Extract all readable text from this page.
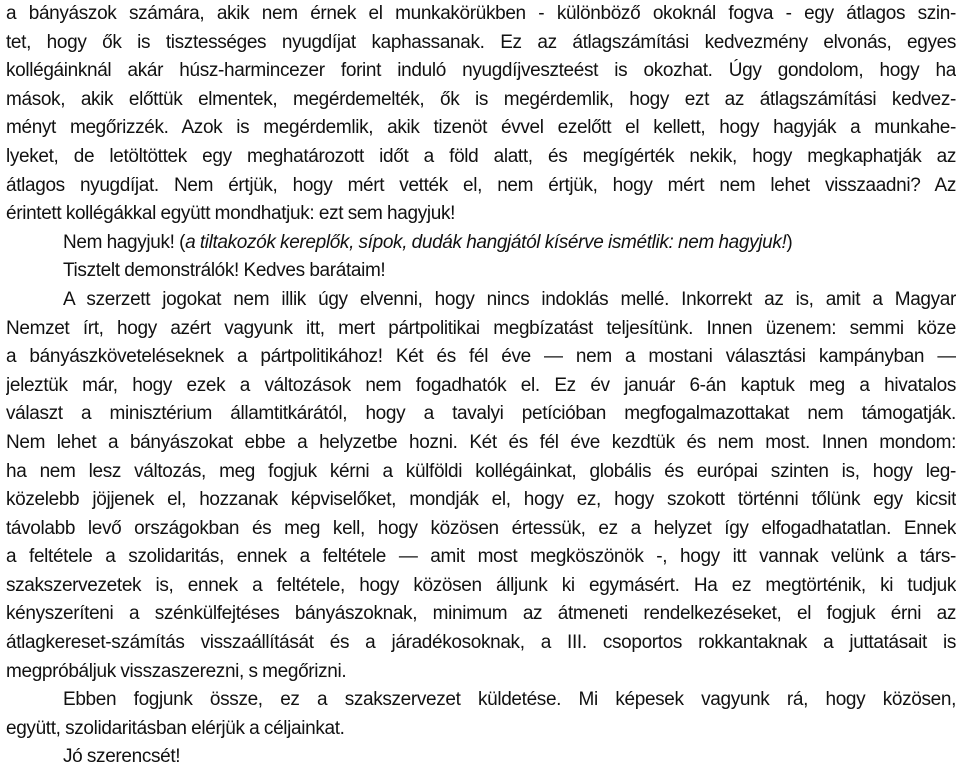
a bányászok számára, akik nem érnek el munkakörükben - különböző okoknál fogva - egy átlagos szin-
tet, hogy ők is tisztességes nyugdíjat kaphassanak. Ez az átlagszámítási kedvezmény elvonás, egyes
kollégáinknál akár húsz-harmincezer forint induló nyugdíjveszteést is okozhat. Úgy gondolom, hogy ha
mások, akik előttük elmentek, megérdemelték, ők is megérdemlik, hogy ezt az átlagszámítási kedvez-
ményt megőrizzék. Azok is megérdemlik, akik tizenöt évvel ezelőtt el kellett, hogy hagyják a munkahe-
lyeket, de letöltöttek egy meghatározott időt a föld alatt, és megígérték nekik, hogy megkaphatják az
átlagos nyugdíjat. Nem értjük, hogy mért vették el, nem értjük, hogy mért nem lehet visszaadni? Az
érintett kollégákkal együtt mondhatjuk: ezt sem hagyjuk!
Nem hagyjuk! (a tiltakozók kereplők, sípok, dudák hangjától kísérve ismétlik: nem hagyjuk!)
Tisztelt demonstrálók! Kedves barátaim!
A szerzett jogokat nem illik úgy elvenni, hogy nincs indoklás mellé. Inkorrekt az is, amit a Magyar
Nemzet írt, hogy azért vagyunk itt, mert pártpolitikai megbízatást teljesítünk. Innen üzenem: semmi köze
a bányászköveteléseknek a pártpolitikához! Két és fél éve — nem a mostani választási kampányban —
jeleztük már, hogy ezek a változások nem fogadhatók el. Ez év január 6-án kaptuk meg a hivatalos
választ a minisztérium államtitkárától, hogy a tavalyi petícióban megfogalmazottakat nem támogatják.
Nem lehet a bányászokat ebbe a helyzetbe hozni. Két és fél éve kezdtük és nem most. Innen mondom:
ha nem lesz változás, meg fogjuk kérni a külföldi kollégáinkat, globális és európai szinten is, hogy leg-
közelebb jöjjenek el, hozzanak képviselőket, mondják el, hogy ez, hogy szokott történni tőlünk egy kicsit
távolabb levő országokban és meg kell, hogy közösen értessük, ez a helyzet így elfogadhatatlan. Ennek
a feltétele a szolidaritás, ennek a feltétele — amit most megköszönök -, hogy itt vannak velünk a társ-
szakszervezetek is, ennek a feltétele, hogy közösen álljunk ki egymásért. Ha ez megtörténik, ki tudjuk
kényszeríteni a szénkülfejtéses bányászoknak, minimum az átmeneti rendelkezéseket, el fogjuk érni az
átlagkereset-számítás visszaállítását és a járadékosoknak, a III. csoportos rokkantaknak a juttatásait is
megpróbáljuk visszaszerezni, s megőrizni.
Ebben fogjunk össze, ez a szakszervezet küldetése. Mi képesek vagyunk rá, hogy közösen,
együtt, szolidaritásban elérjük a céljainkat.
Jó szerencsét!
